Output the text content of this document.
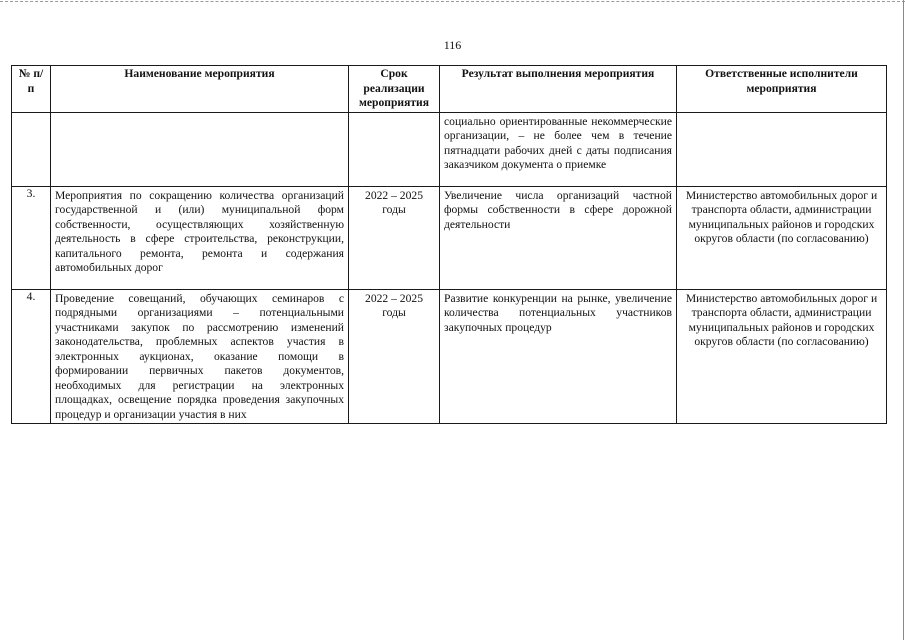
116
№ п/п	Наименование мероприятия	Срок реализации мероприятия	Результат выполнения мероприятия	Ответственные исполнители мероприятия
			социально ориентированные некоммерческие организации, – не более чем в течение пятнадцати рабочих дней с даты подписания заказчиком документа о приемке	
3.	Мероприятия по сокращению количества организаций государственной и (или) муниципальной форм собственности, осуществляющих хозяйственную деятельность в сфере строительства, реконструкции, капитального ремонта, ремонта и содержания автомобильных дорог	2022 – 2025 годы	Увеличение числа организаций частной формы собственности в сфере дорожной деятельности	Министерство автомобильных дорог и транспорта области, администрации муниципальных районов и городских округов области (по согласованию)
4.	Проведение совещаний, обучающих семинаров с подрядными организациями – потенциальными участниками закупок по рассмотрению изменений законодательства, проблемных аспектов участия в электронных аукционах, оказание помощи в формировании первичных пакетов документов, необходимых для регистрации на электронных площадках, освещение порядка проведения закупочных процедур и организации участия в них	2022 – 2025 годы	Развитие конкуренции на рынке, увеличение количества потенциальных участников закупочных процедур	Министерство автомобильных дорог и транспорта области, администрации муниципальных районов и городских округов области (по согласованию)
